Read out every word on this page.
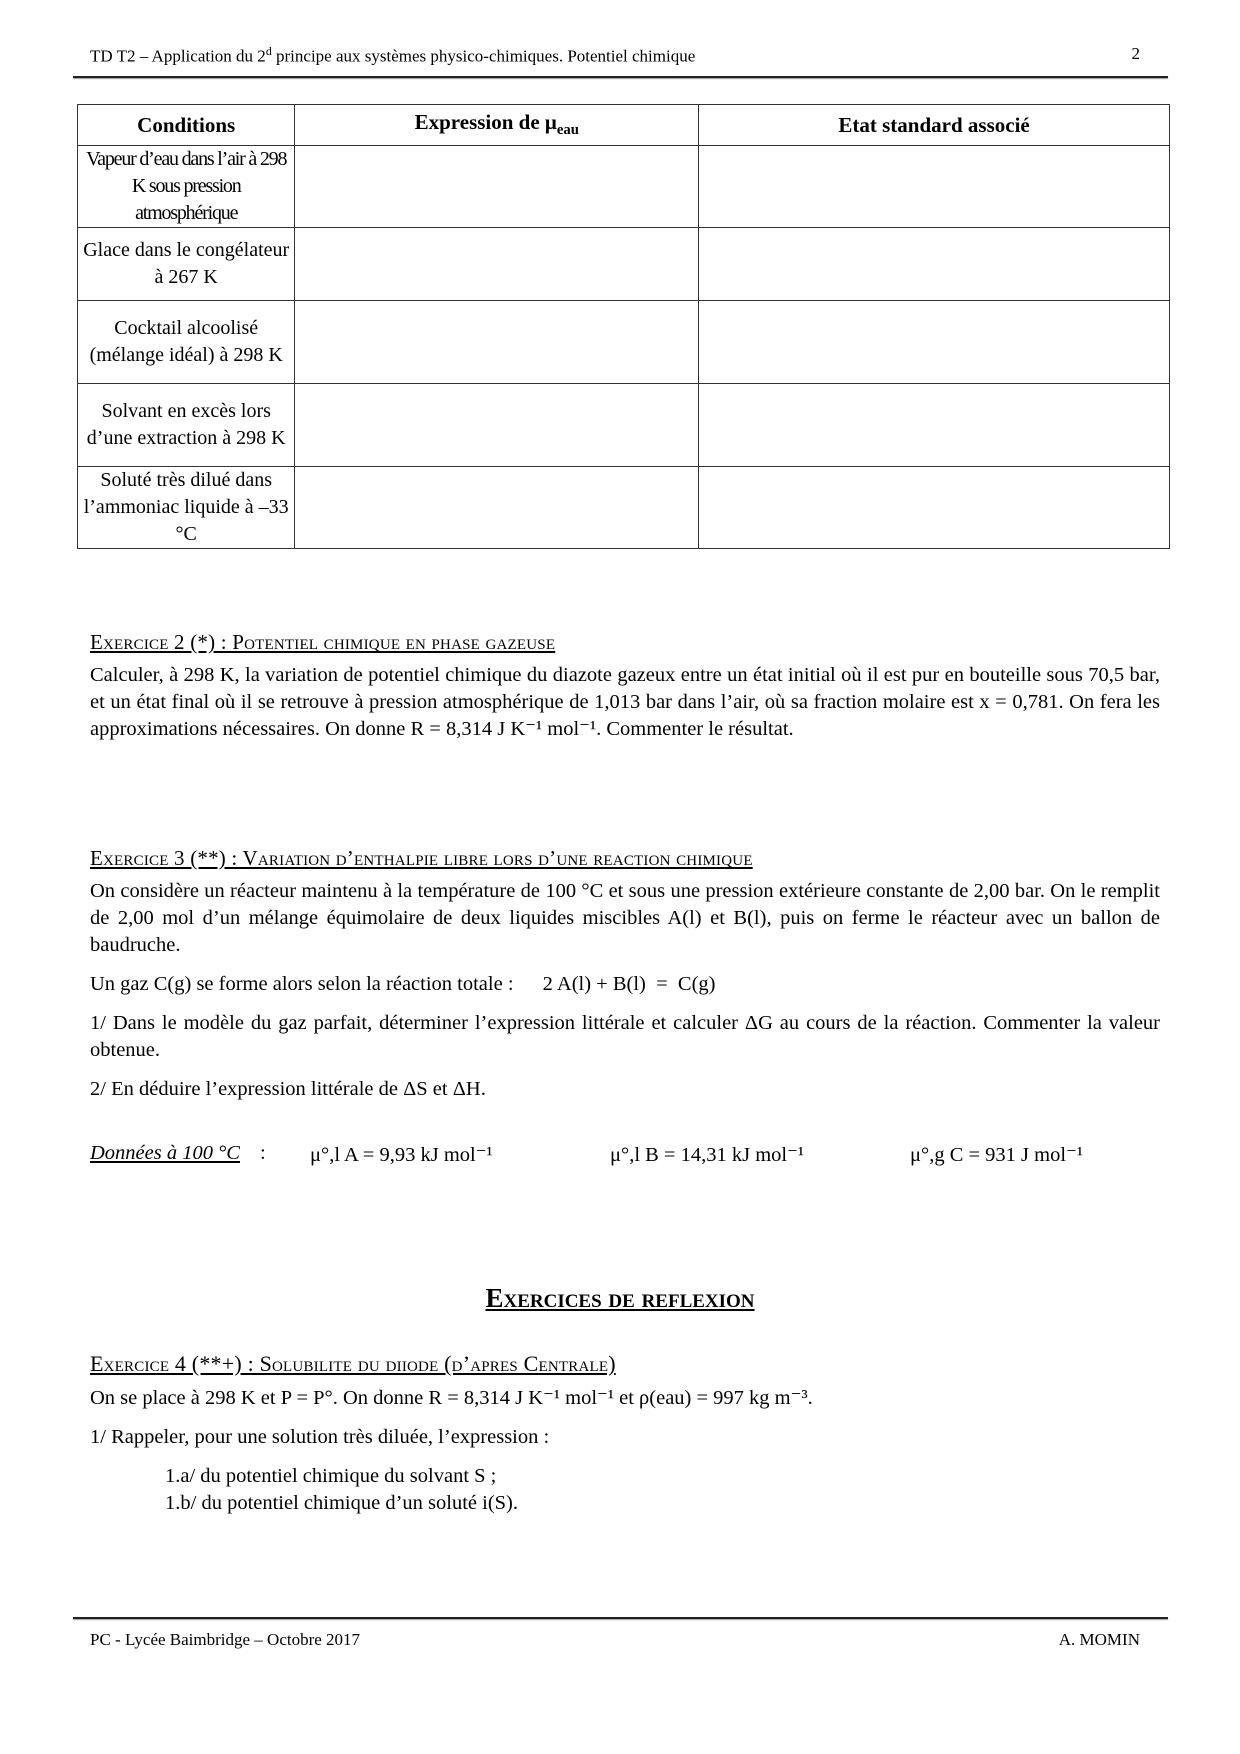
TD T2 – Application du 2$^d$ principe aux systèmes physico-chimiques. Potentiel chimique	2
Conditions	Expression de $\mu_{eau}$	Etat standard associé
Vapeur d’eau dans l’air à 298 K sous pression atmosphérique		
Glace dans le congélateur à 267 K		
Cocktail alcoolisé (mélange idéal) à 298 K		
Solvant en excès lors d’une extraction à 298 K		
Soluté très dilué dans l’ammoniac liquide à –33 °C		

Exercice 2 (*) : Potentiel chimique en phase gazeuse

Calculer, à 298 K, la variation de potentiel chimique du diazote gazeux entre un état initial où il est pur en bouteille sous 70,5 bar, et un état final où il se retrouve à pression atmosphérique de 1,013 bar dans l’air, où sa fraction molaire est x = 0,781. On fera les approximations nécessaires. On donne R = 8,314 J K⁻¹ mol⁻¹. Commenter le résultat.

Exercice 3 (**) : Variation d’enthalpie libre lors d’une reaction chimique

On considère un réacteur maintenu à la température de 100 °C et sous une pression extérieure constante de 2,00 bar. On le remplit de 2,00 mol d’un mélange équimolaire de deux liquides miscibles A(l) et B(l), puis on ferme le réacteur avec un ballon de baudruche.

Un gaz C(g) se forme alors selon la réaction totale : 2 A(l) + B(l)  =  C(g)

1/ Dans le modèle du gaz parfait, déterminer l’expression littérale et calculer ΔG au cours de la réaction. Commenter la valeur obtenue.

2/ En déduire l’expression littérale de ΔS et ΔH.

Données à 100 °C : μ°,l A = 9,93 kJ mol⁻¹	μ°,l B = 14,31 kJ mol⁻¹	μ°,g C = 931 J mol⁻¹
Exercices de reflexion

Exercice 4 (**+) : Solubilite du diiode (d’apres Centrale)

On se place à 298 K et P = P°. On donne R = 8,314 J K⁻¹ mol⁻¹ et ρ(eau) = 997 kg m⁻³.

1/ Rappeler, pour une solution très diluée, l’expression :

1.a/ du potentiel chimique du solvant S ;

1.b/ du potentiel chimique d’un soluté i(S).

PC - Lycée Baimbridge – Octobre 2017	A. MOMIN
